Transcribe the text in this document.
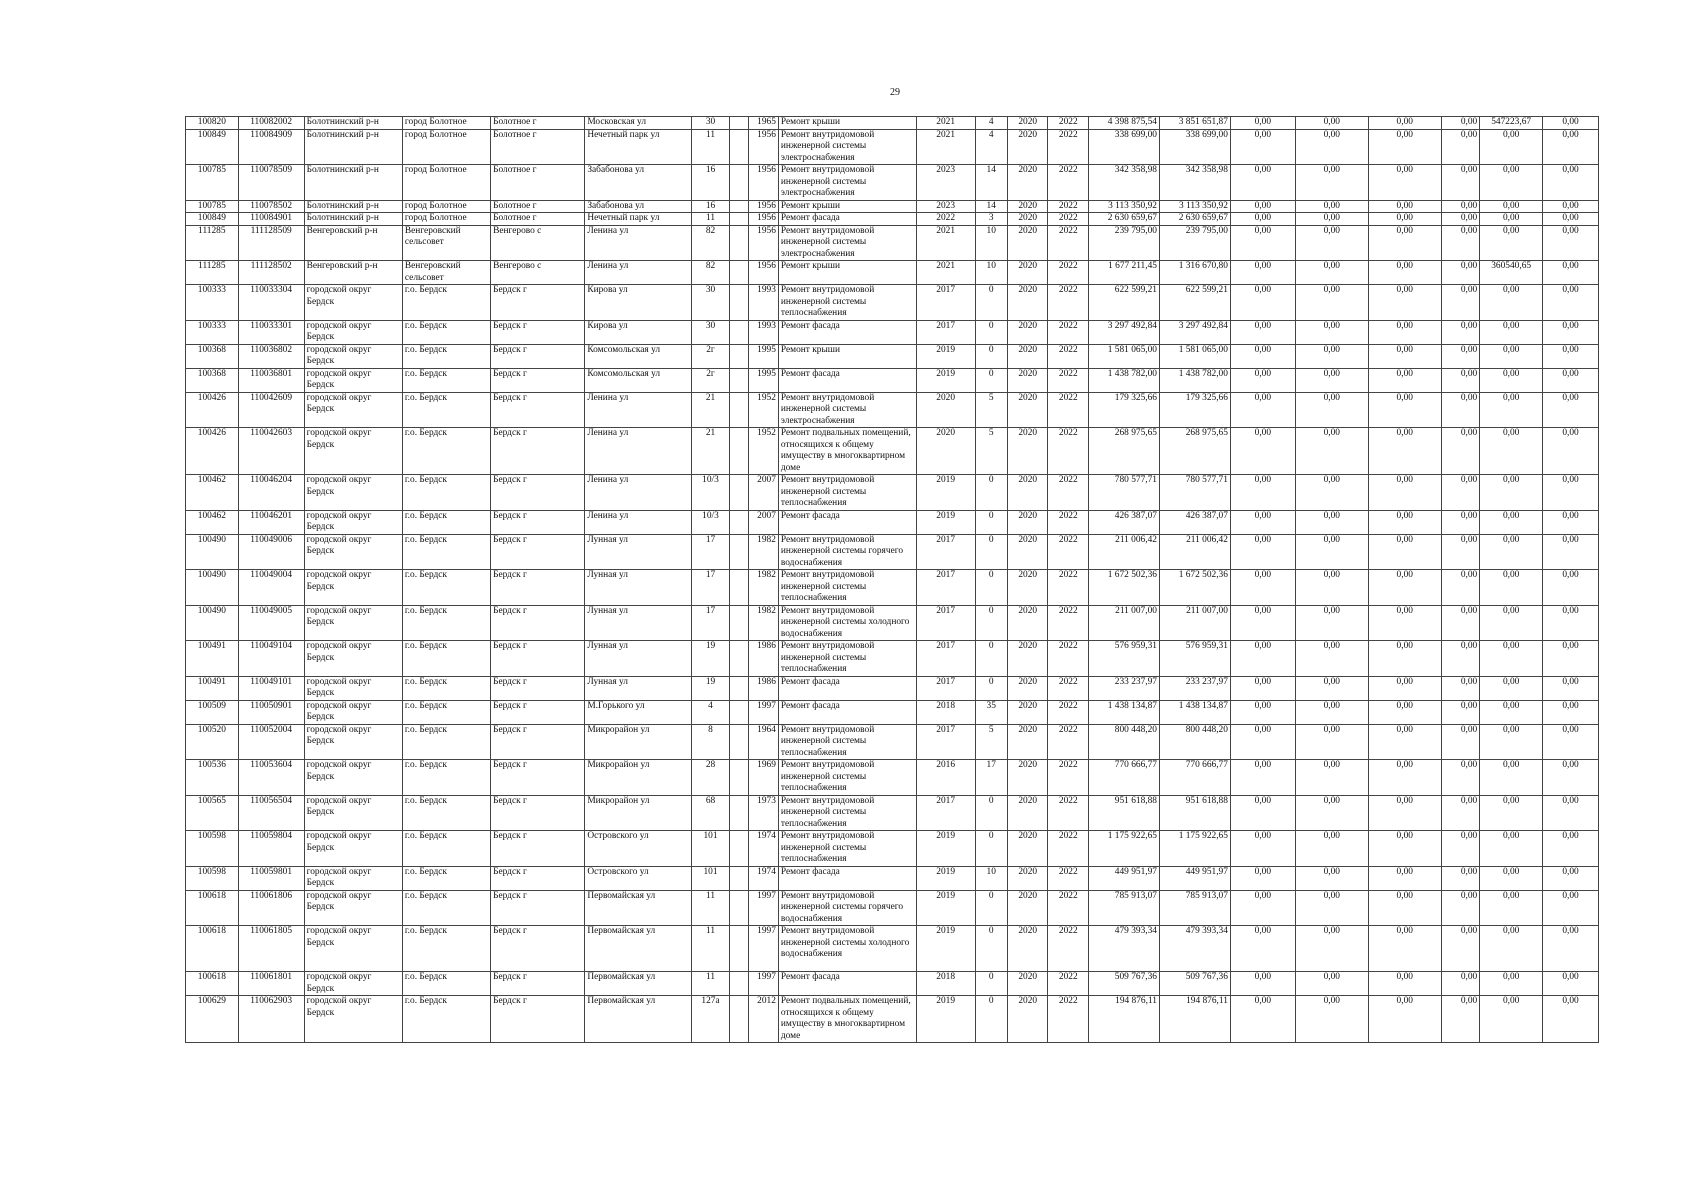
29
100820	110082002	Болотнинский р-н	город Болотное	Болотное г	Московская ул	30		1965	Ремонт крыши	2021	4	2020	2022	4 398 875,54	3 851 651,87	0,00	0,00	0,00	0,00	547223,67	0,00
100849	110084909	Болотнинский р-н	город Болотное	Болотное г	Нечетный парк ул	11		1956	Ремонт внутридомовой инженерной системы электроснабжения	2021	4	2020	2022	338 699,00	338 699,00	0,00	0,00	0,00	0,00	0,00	0,00
100785	110078509	Болотнинский р-н	город Болотное	Болотное г	Забабонова ул	16		1956	Ремонт внутридомовой инженерной системы электроснабжения	2023	14	2020	2022	342 358,98	342 358,98	0,00	0,00	0,00	0,00	0,00	0,00
100785	110078502	Болотнинский р-н	город Болотное	Болотное г	Забабонова ул	16		1956	Ремонт крыши	2023	14	2020	2022	3 113 350,92	3 113 350,92	0,00	0,00	0,00	0,00	0,00	0,00
100849	110084901	Болотнинский р-н	город Болотное	Болотное г	Нечетный парк ул	11		1956	Ремонт фасада	2022	3	2020	2022	2 630 659,67	2 630 659,67	0,00	0,00	0,00	0,00	0,00	0,00
111285	111128509	Венгеровский р-н	Венгеровский сельсовет	Венгерово с	Ленина ул	82		1956	Ремонт внутридомовой инженерной системы электроснабжения	2021	10	2020	2022	239 795,00	239 795,00	0,00	0,00	0,00	0,00	0,00	0,00
111285	111128502	Венгеровский р-н	Венгеровский сельсовет	Венгерово с	Ленина ул	82		1956	Ремонт крыши	2021	10	2020	2022	1 677 211,45	1 316 670,80	0,00	0,00	0,00	0,00	360540,65	0,00
100333	110033304	городской округ Бердск	г.о. Бердск	Бердск г	Кирова ул	30		1993	Ремонт внутридомовой инженерной системы теплоснабжения	2017	0	2020	2022	622 599,21	622 599,21	0,00	0,00	0,00	0,00	0,00	0,00
100333	110033301	городской округ Бердск	г.о. Бердск	Бердск г	Кирова ул	30		1993	Ремонт фасада	2017	0	2020	2022	3 297 492,84	3 297 492,84	0,00	0,00	0,00	0,00	0,00	0,00
100368	110036802	городской округ Бердск	г.о. Бердск	Бердск г	Комсомольская ул	2г		1995	Ремонт крыши	2019	0	2020	2022	1 581 065,00	1 581 065,00	0,00	0,00	0,00	0,00	0,00	0,00
100368	110036801	городской округ Бердск	г.о. Бердск	Бердск г	Комсомольская ул	2г		1995	Ремонт фасада	2019	0	2020	2022	1 438 782,00	1 438 782,00	0,00	0,00	0,00	0,00	0,00	0,00
100426	110042609	городской округ Бердск	г.о. Бердск	Бердск г	Ленина ул	21		1952	Ремонт внутридомовой инженерной системы электроснабжения	2020	5	2020	2022	179 325,66	179 325,66	0,00	0,00	0,00	0,00	0,00	0,00
100426	110042603	городской округ Бердск	г.о. Бердск	Бердск г	Ленина ул	21		1952	Ремонт подвальных помещений, относящихся к общему имуществу в многоквартирном доме	2020	5	2020	2022	268 975,65	268 975,65	0,00	0,00	0,00	0,00	0,00	0,00
100462	110046204	городской округ Бердск	г.о. Бердск	Бердск г	Ленина ул	10/3		2007	Ремонт внутридомовой инженерной системы теплоснабжения	2019	0	2020	2022	780 577,71	780 577,71	0,00	0,00	0,00	0,00	0,00	0,00
100462	110046201	городской округ Бердск	г.о. Бердск	Бердск г	Ленина ул	10/3		2007	Ремонт фасада	2019	0	2020	2022	426 387,07	426 387,07	0,00	0,00	0,00	0,00	0,00	0,00
100490	110049006	городской округ Бердск	г.о. Бердск	Бердск г	Лунная ул	17		1982	Ремонт внутридомовой инженерной системы горячего водоснабжения	2017	0	2020	2022	211 006,42	211 006,42	0,00	0,00	0,00	0,00	0,00	0,00
100490	110049004	городской округ Бердск	г.о. Бердск	Бердск г	Лунная ул	17		1982	Ремонт внутридомовой инженерной системы теплоснабжения	2017	0	2020	2022	1 672 502,36	1 672 502,36	0,00	0,00	0,00	0,00	0,00	0,00
100490	110049005	городской округ Бердск	г.о. Бердск	Бердск г	Лунная ул	17		1982	Ремонт внутридомовой инженерной системы холодного водоснабжения	2017	0	2020	2022	211 007,00	211 007,00	0,00	0,00	0,00	0,00	0,00	0,00
100491	110049104	городской округ Бердск	г.о. Бердск	Бердск г	Лунная ул	19		1986	Ремонт внутридомовой инженерной системы теплоснабжения	2017	0	2020	2022	576 959,31	576 959,31	0,00	0,00	0,00	0,00	0,00	0,00
100491	110049101	городской округ Бердск	г.о. Бердск	Бердск г	Лунная ул	19		1986	Ремонт фасада	2017	0	2020	2022	233 237,97	233 237,97	0,00	0,00	0,00	0,00	0,00	0,00
100509	110050901	городской округ Бердск	г.о. Бердск	Бердск г	М.Горького ул	4		1997	Ремонт фасада	2018	35	2020	2022	1 438 134,87	1 438 134,87	0,00	0,00	0,00	0,00	0,00	0,00
100520	110052004	городской округ Бердск	г.о. Бердск	Бердск г	Микрорайон ул	8		1964	Ремонт внутридомовой инженерной системы теплоснабжения	2017	5	2020	2022	800 448,20	800 448,20	0,00	0,00	0,00	0,00	0,00	0,00
100536	110053604	городской округ Бердск	г.о. Бердск	Бердск г	Микрорайон ул	28		1969	Ремонт внутридомовой инженерной системы теплоснабжения	2016	17	2020	2022	770 666,77	770 666,77	0,00	0,00	0,00	0,00	0,00	0,00
100565	110056504	городской округ Бердск	г.о. Бердск	Бердск г	Микрорайон ул	68		1973	Ремонт внутридомовой инженерной системы теплоснабжения	2017	0	2020	2022	951 618,88	951 618,88	0,00	0,00	0,00	0,00	0,00	0,00
100598	110059804	городской округ Бердск	г.о. Бердск	Бердск г	Островского ул	101		1974	Ремонт внутридомовой инженерной системы теплоснабжения	2019	0	2020	2022	1 175 922,65	1 175 922,65	0,00	0,00	0,00	0,00	0,00	0,00
100598	110059801	городской округ Бердск	г.о. Бердск	Бердск г	Островского ул	101		1974	Ремонт фасада	2019	10	2020	2022	449 951,97	449 951,97	0,00	0,00	0,00	0,00	0,00	0,00
100618	110061806	городской округ Бердск	г.о. Бердск	Бердск г	Первомайская ул	11		1997	Ремонт внутридомовой инженерной системы горячего водоснабжения	2019	0	2020	2022	785 913,07	785 913,07	0,00	0,00	0,00	0,00	0,00	0,00
100618	110061805	городской округ Бердск	г.о. Бердск	Бердск г	Первомайская ул	11		1997	Ремонт внутридомовой инженерной системы холодного водоснабжения	2019	0	2020	2022	479 393,34	479 393,34	0,00	0,00	0,00	0,00	0,00	0,00
100618	110061801	городской округ Бердск	г.о. Бердск	Бердск г	Первомайская ул	11		1997	Ремонт фасада	2018	0	2020	2022	509 767,36	509 767,36	0,00	0,00	0,00	0,00	0,00	0,00
100629	110062903	городской округ Бердск	г.о. Бердск	Бердск г	Первомайская ул	127а		2012	Ремонт подвальных помещений, относящихся к общему имуществу в многоквартирном доме	2019	0	2020	2022	194 876,11	194 876,11	0,00	0,00	0,00	0,00	0,00	0,00
